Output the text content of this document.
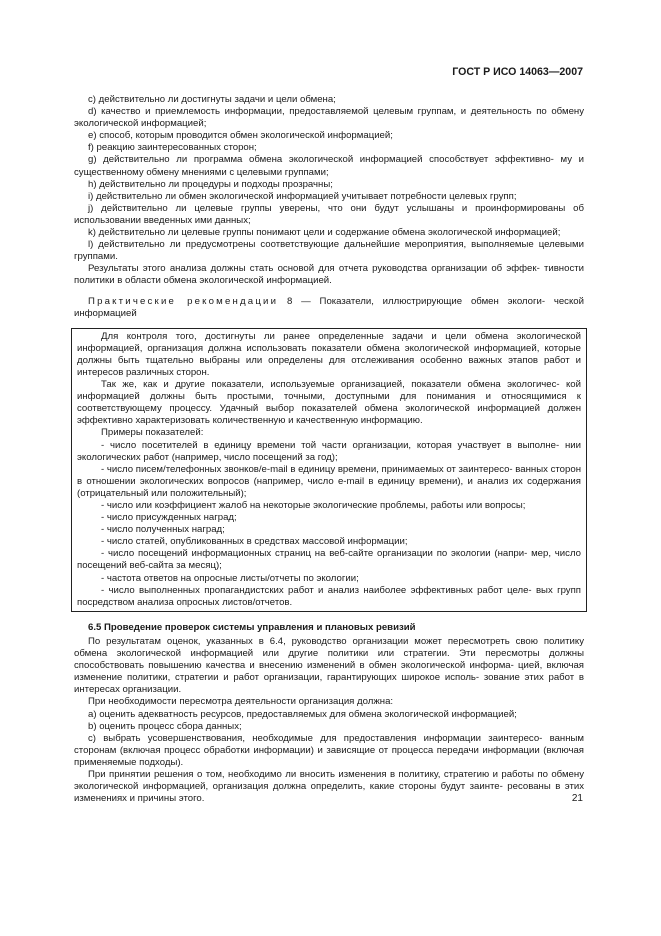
ГОСТ Р ИСО 14063—2007

c) действительно ли достигнуты задачи и цели обмена;

d) качество и приемлемость информации, предоставляемой целевым группам, и деятельность по обмену экологической информацией;

e) способ, которым проводится обмен экологической информацией;

f) реакцию заинтересованных сторон;

g) действительно ли программа обмена экологической информацией способствует эффективно- му и существенному обмену мнениями с целевыми группами;

h) действительно ли процедуры и подходы прозрачны;

i) действительно ли обмен экологической информацией учитывает потребности целевых групп;

j) действительно ли целевые группы уверены, что они будут услышаны и проинформированы об использовании введенных ими данных;

k) действительно ли целевые группы понимают цели и содержание обмена экологической информацией;

l) действительно ли предусмотрены соответствующие дальнейшие мероприятия, выполняемые целевыми группами.

Результаты этого анализа должны стать основой для отчета руководства организации об эффек- тивности политики в области обмена экологической информацией.

Практические рекомендации 8 — Показатели, иллюстрирующие обмен экологи- ческой информацией

Для контроля того, достигнуты ли ранее определенные задачи и цели обмена экологической информацией, организация должна использовать показатели обмена экологической информацией, которые должны быть тщательно выбраны или определены для отслеживания особенно важных этапов работ и интересов различных сторон.

Так же, как и другие показатели, используемые организацией, показатели обмена экологичес- кой информацией должны быть простыми, точными, доступными для понимания и относящимися к соответствующему процессу. Удачный выбор показателей обмена экологической информацией должен эффективно характеризовать количественную и качественную информацию.

Примеры показателей:

- число посетителей в единицу времени той части организации, которая участвует в выполне- нии экологических работ (например, число посещений за год);

- число писем/телефонных звонков/e-mail в единицу времени, принимаемых от заинтересо- ванных сторон в отношении экологических вопросов (например, число e-mail в единицу времени), и анализ их содержания (отрицательный или положительный);

- число или коэффициент жалоб на некоторые экологические проблемы, работы или вопросы;

- число присужденных наград;

- число полученных наград;

- число статей, опубликованных в средствах массовой информации;

- число посещений информационных страниц на веб-сайте организации по экологии (напри- мер, число посещений веб-сайта за месяц);

- частота ответов на опросные листы/отчеты по экологии;

- число выполненных пропагандистских работ и анализ наиболее эффективных работ целе- вых групп посредством анализа опросных листов/отчетов.

6.5 Проведение проверок системы управления и плановых ревизий

По результатам оценок, указанных в 6.4, руководство организации может пересмотреть свою политику обмена экологической информацией или другие политики или стратегии. Эти пересмотры должны способствовать повышению качества и внесению изменений в обмен экологической информа- цией, включая изменение политики, стратегии и работ организации, гарантирующих широкое исполь- зование этих работ в интересах организации.

При необходимости пересмотра деятельности организация должна:

a) оценить адекватность ресурсов, предоставляемых для обмена экологической информацией;

b) оценить процесс сбора данных;

c) выбрать усовершенствования, необходимые для предоставления информации заинтересо- ванным сторонам (включая процесс обработки информации) и зависящие от процесса передачи информации (включая применяемые подходы).

При принятии решения о том, необходимо ли вносить изменения в политику, стратегию и работы по обмену экологической информацией, организация должна определить, какие стороны будут заинте- ресованы в этих изменениях и причины этого.	21
